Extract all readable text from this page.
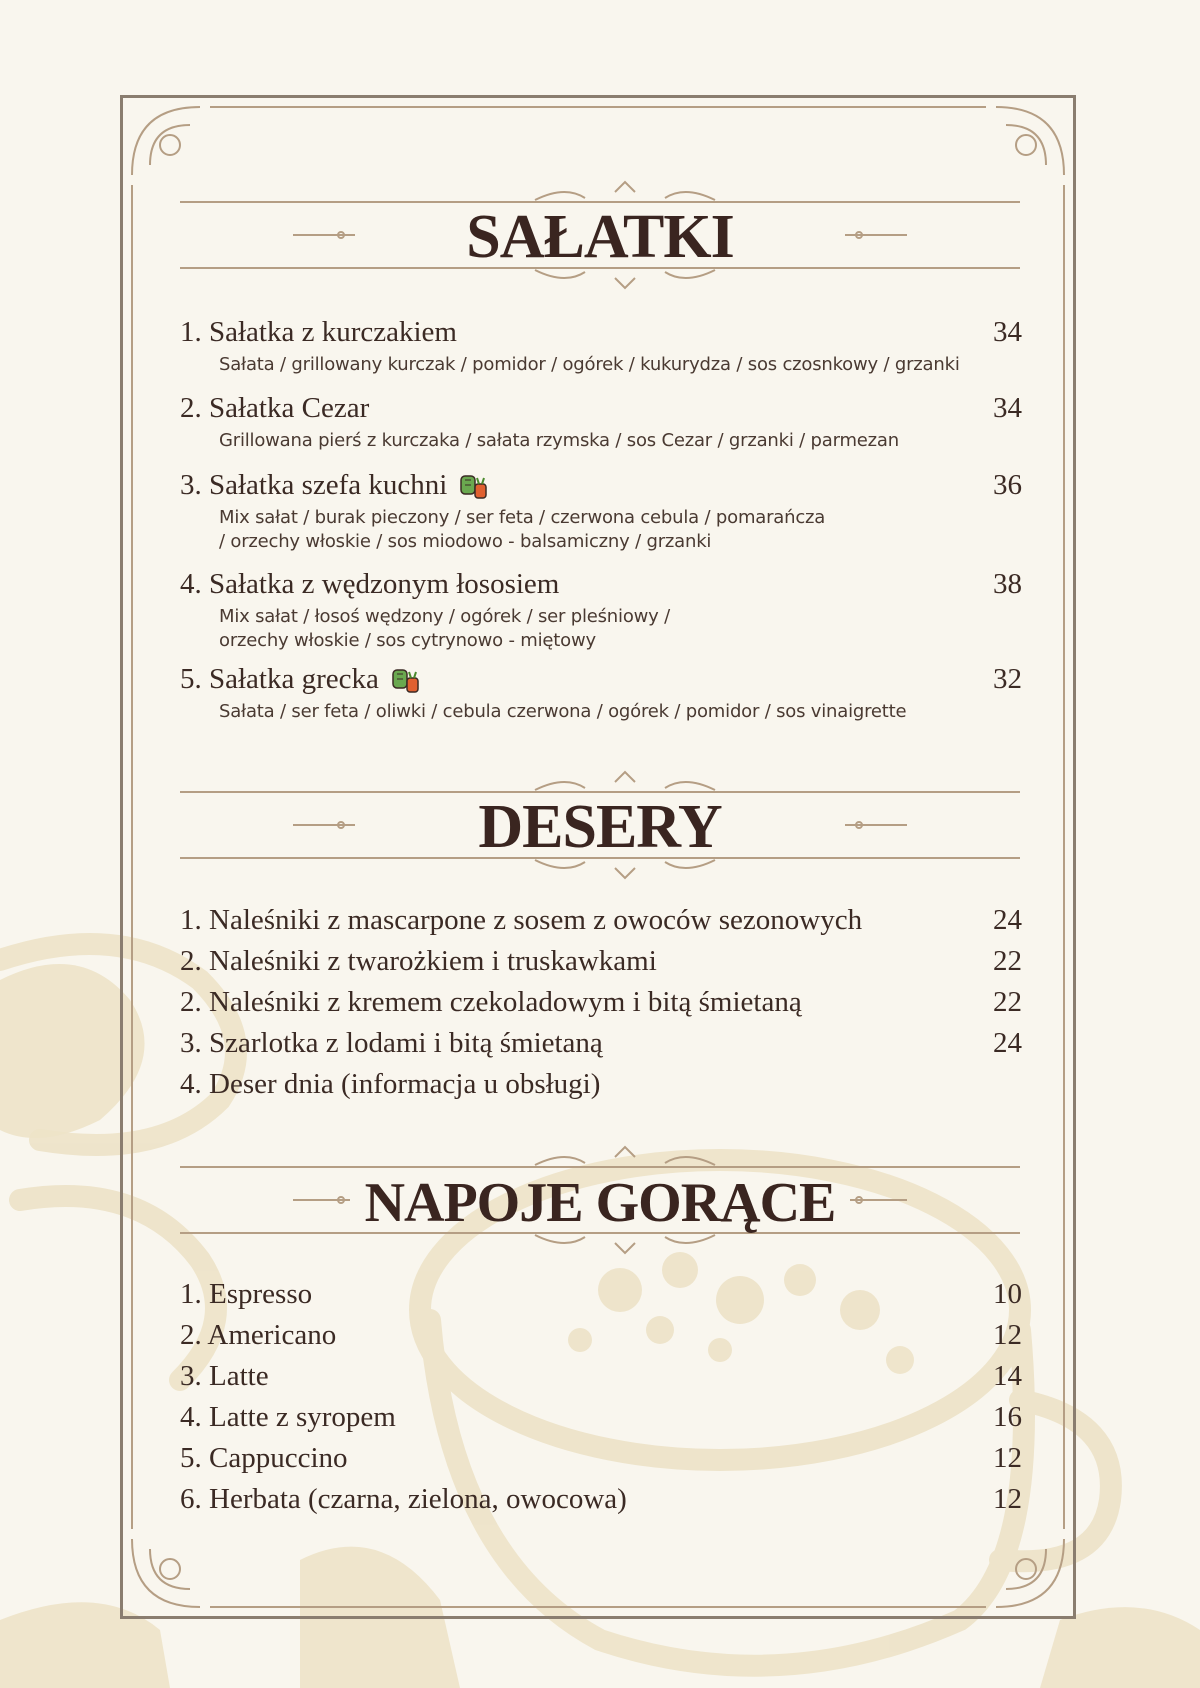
SAŁATKI
1. Sałatka z kurczakiem	34
Sałata / grillowany kurczak / pomidor / ogórek / kukurydza / sos czosnkowy / grzanki
2. Sałatka Cezar	34
Grillowana pierś z kurczaka / sałata rzymska / sos Cezar / grzanki / parmezan
3. Sałatka szefa kuchni	36
Mix sałat / burak pieczony / ser feta / czerwona cebula / pomarańcza
/ orzechy włoskie / sos miodowo - balsamiczny / grzanki
4. Sałatka z wędzonym łososiem	38
Mix sałat / łosoś wędzony / ogórek / ser pleśniowy /
orzechy włoskie / sos cytrynowo - miętowy
5. Sałatka grecka	32
Sałata / ser feta / oliwki / cebula czerwona / ogórek / pomidor / sos vinaigrette
DESERY
1. Naleśniki z mascarpone z sosem z owoców sezonowych	24
2. Naleśniki z twarożkiem i truskawkami	22
2. Naleśniki z kremem czekoladowym i bitą śmietaną	22
3. Szarlotka z lodami i bitą śmietaną	24
4. Deser dnia (informacja u obsługi)
NAPOJE GORĄCE
1. Espresso	10
2. Americano	12
3. Latte	14
4. Latte z syropem	16
5. Cappuccino	12
6. Herbata (czarna, zielona, owocowa)	12
